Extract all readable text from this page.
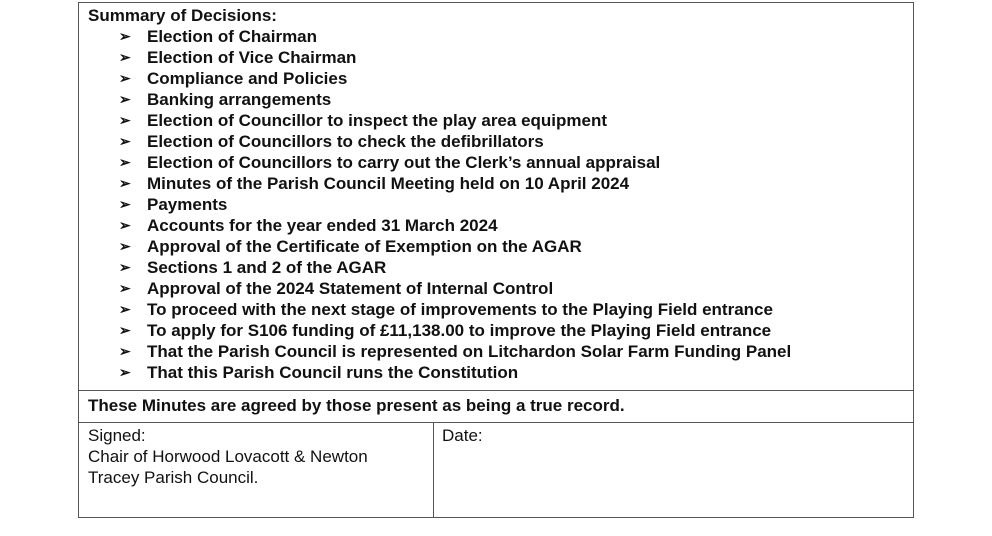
Summary of Decisions:
➢ Election of Chairman
➢ Election of Vice Chairman
➢ Compliance and Policies
➢ Banking arrangements
➢ Election of Councillor to inspect the play area equipment
➢ Election of Councillors to check the defibrillators
➢ Election of Councillors to carry out the Clerk’s annual appraisal
➢ Minutes of the Parish Council Meeting held on 10 April 2024
➢ Payments
➢ Accounts for the year ended 31 March 2024
➢ Approval of the Certificate of Exemption on the AGAR
➢ Sections 1 and 2 of the AGAR
➢ Approval of the 2024 Statement of Internal Control
➢ To proceed with the next stage of improvements to the Playing Field entrance
➢ To apply for S106 funding of £11,138.00 to improve the Playing Field entrance
➢ That the Parish Council is represented on Litchardon Solar Farm Funding Panel
➢ That this Parish Council runs the Constitution
These Minutes are agreed by those present as being a true record.
Signed:
Chair of Horwood Lovacott & Newton
Tracey Parish Council.
Date:
